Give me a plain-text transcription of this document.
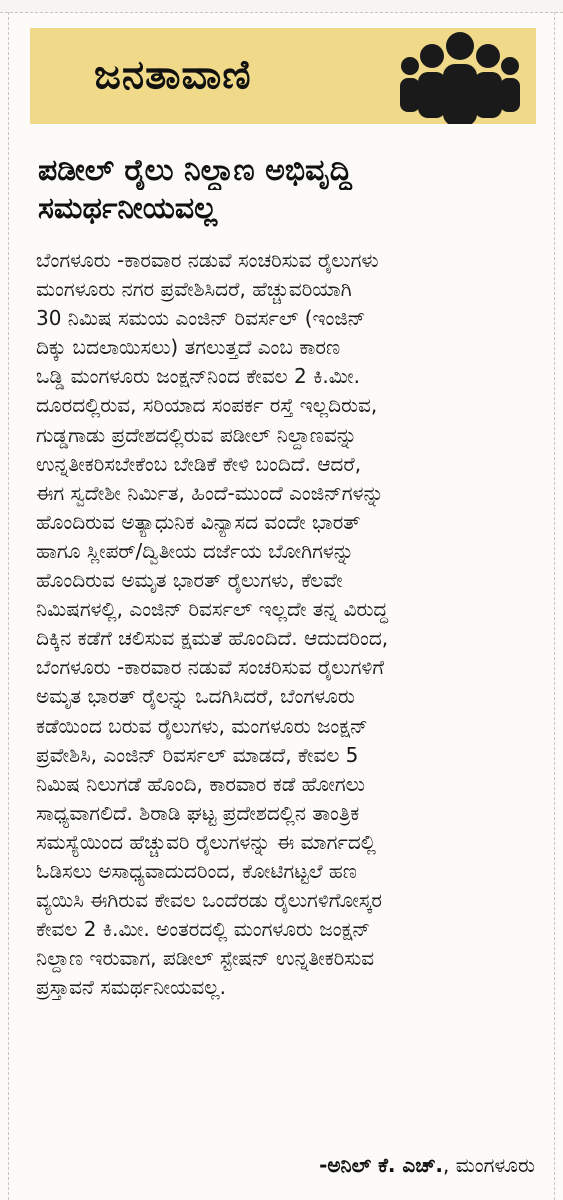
ಜನತಾವಾಣಿ
ಪಡೀಲ್ ರೈಲು ನಿಲ್ದಾಣ ಅಭಿವೃದ್ಧಿ
ಸಮರ್ಥನೀಯವಲ್ಲ
ಬೆಂಗಳೂರು -ಕಾರವಾರ ನಡುವೆ ಸಂಚರಿಸುವ ರೈಲುಗಳು
ಮಂಗಳೂರು ನಗರ ಪ್ರವೇಶಿಸಿದರೆ, ಹೆಚ್ಚುವರಿಯಾಗಿ
30 ನಿಮಿಷ ಸಮಯ ಎಂಜಿನ್ ರಿವರ್ಸಲ್ (ಇಂಜಿನ್
ದಿಕ್ಕು ಬದಲಾಯಿಸಲು) ತಗಲುತ್ತದೆ ಎಂಬ ಕಾರಣ
ಒಡ್ಡಿ ಮಂಗಳೂರು ಜಂಕ್ಷನ್‌ನಿಂದ ಕೇವಲ 2 ಕಿ.ಮೀ.
ದೂರದಲ್ಲಿರುವ, ಸರಿಯಾದ ಸಂಪರ್ಕ ರಸ್ತೆ ಇಲ್ಲದಿರುವ,
ಗುಡ್ಡಗಾಡು ಪ್ರದೇಶದಲ್ಲಿರುವ ಪಡೀಲ್ ನಿಲ್ದಾಣವನ್ನು
ಉನ್ನತೀಕರಿಸಬೇಕೆಂಬ ಬೇಡಿಕೆ ಕೇಳಿ ಬಂದಿದೆ. ಆದರೆ,
ಈಗ ಸ್ವದೇಶೀ ನಿರ್ಮಿತ, ಹಿಂದೆ-ಮುಂದೆ ಎಂಜಿನ್‌ಗಳನ್ನು
ಹೊಂದಿರುವ ಅತ್ಯಾಧುನಿಕ ವಿನ್ಯಾಸದ ವಂದೇ ಭಾರತ್
ಹಾಗೂ ಸ್ಲೀಪರ್/ದ್ವಿತೀಯ ದರ್ಜೆಯ ಬೋಗಿಗಳನ್ನು
ಹೊಂದಿರುವ ಅಮೃತ ಭಾರತ್ ರೈಲುಗಳು, ಕೆಲವೇ
ನಿಮಿಷಗಳಲ್ಲಿ, ಎಂಜಿನ್ ರಿವರ್ಸಲ್ ಇಲ್ಲದೇ ತನ್ನ ವಿರುದ್ಧ
ದಿಕ್ಕಿನ ಕಡೆಗೆ ಚಲಿಸುವ ಕ್ಷಮತೆ ಹೊಂದಿದೆ. ಆದುದರಿಂದ,
ಬೆಂಗಳೂರು -ಕಾರವಾರ ನಡುವೆ ಸಂಚರಿಸುವ ರೈಲುಗಳಿಗೆ
ಅಮೃತ ಭಾರತ್ ರೈಲನ್ನು ಒದಗಿಸಿದರೆ, ಬೆಂಗಳೂರು
ಕಡೆಯಿಂದ ಬರುವ ರೈಲುಗಳು, ಮಂಗಳೂರು ಜಂಕ್ಷನ್
ಪ್ರವೇಶಿಸಿ, ಎಂಜಿನ್ ರಿವರ್ಸಲ್ ಮಾಡದೆ, ಕೇವಲ 5
ನಿಮಿಷ ನಿಲುಗಡೆ ಹೊಂದಿ, ಕಾರವಾರ ಕಡೆ ಹೋಗಲು
ಸಾಧ್ಯವಾಗಲಿದೆ. ಶಿರಾಡಿ ಘಟ್ಟ ಪ್ರದೇಶದಲ್ಲಿನ ತಾಂತ್ರಿಕ
ಸಮಸ್ಯೆಯಿಂದ ಹೆಚ್ಚುವರಿ ರೈಲುಗಳನ್ನು ಈ ಮಾರ್ಗದಲ್ಲಿ
ಓಡಿಸಲು ಅಸಾಧ್ಯವಾದುದರಿಂದ, ಕೋಟಿಗಟ್ಟಲೆ ಹಣ
ವ್ಯಯಿಸಿ ಈಗಿರುವ ಕೇವಲ ಒಂದೆರಡು ರೈಲುಗಳಿಗೋಸ್ಕರ
ಕೇವಲ 2 ಕಿ.ಮೀ. ಅಂತರದಲ್ಲಿ ಮಂಗಳೂರು ಜಂಕ್ಷನ್
ನಿಲ್ದಾಣ ಇರುವಾಗ, ಪಡೀಲ್ ಸ್ಟೇಷನ್ ಉನ್ನತೀಕರಿಸುವ
ಪ್ರಸ್ತಾವನೆ ಸಮರ್ಥನೀಯವಲ್ಲ.
-ಅನಿಲ್ ಕೆ. ಎಚ್., ಮಂಗಳೂರು
